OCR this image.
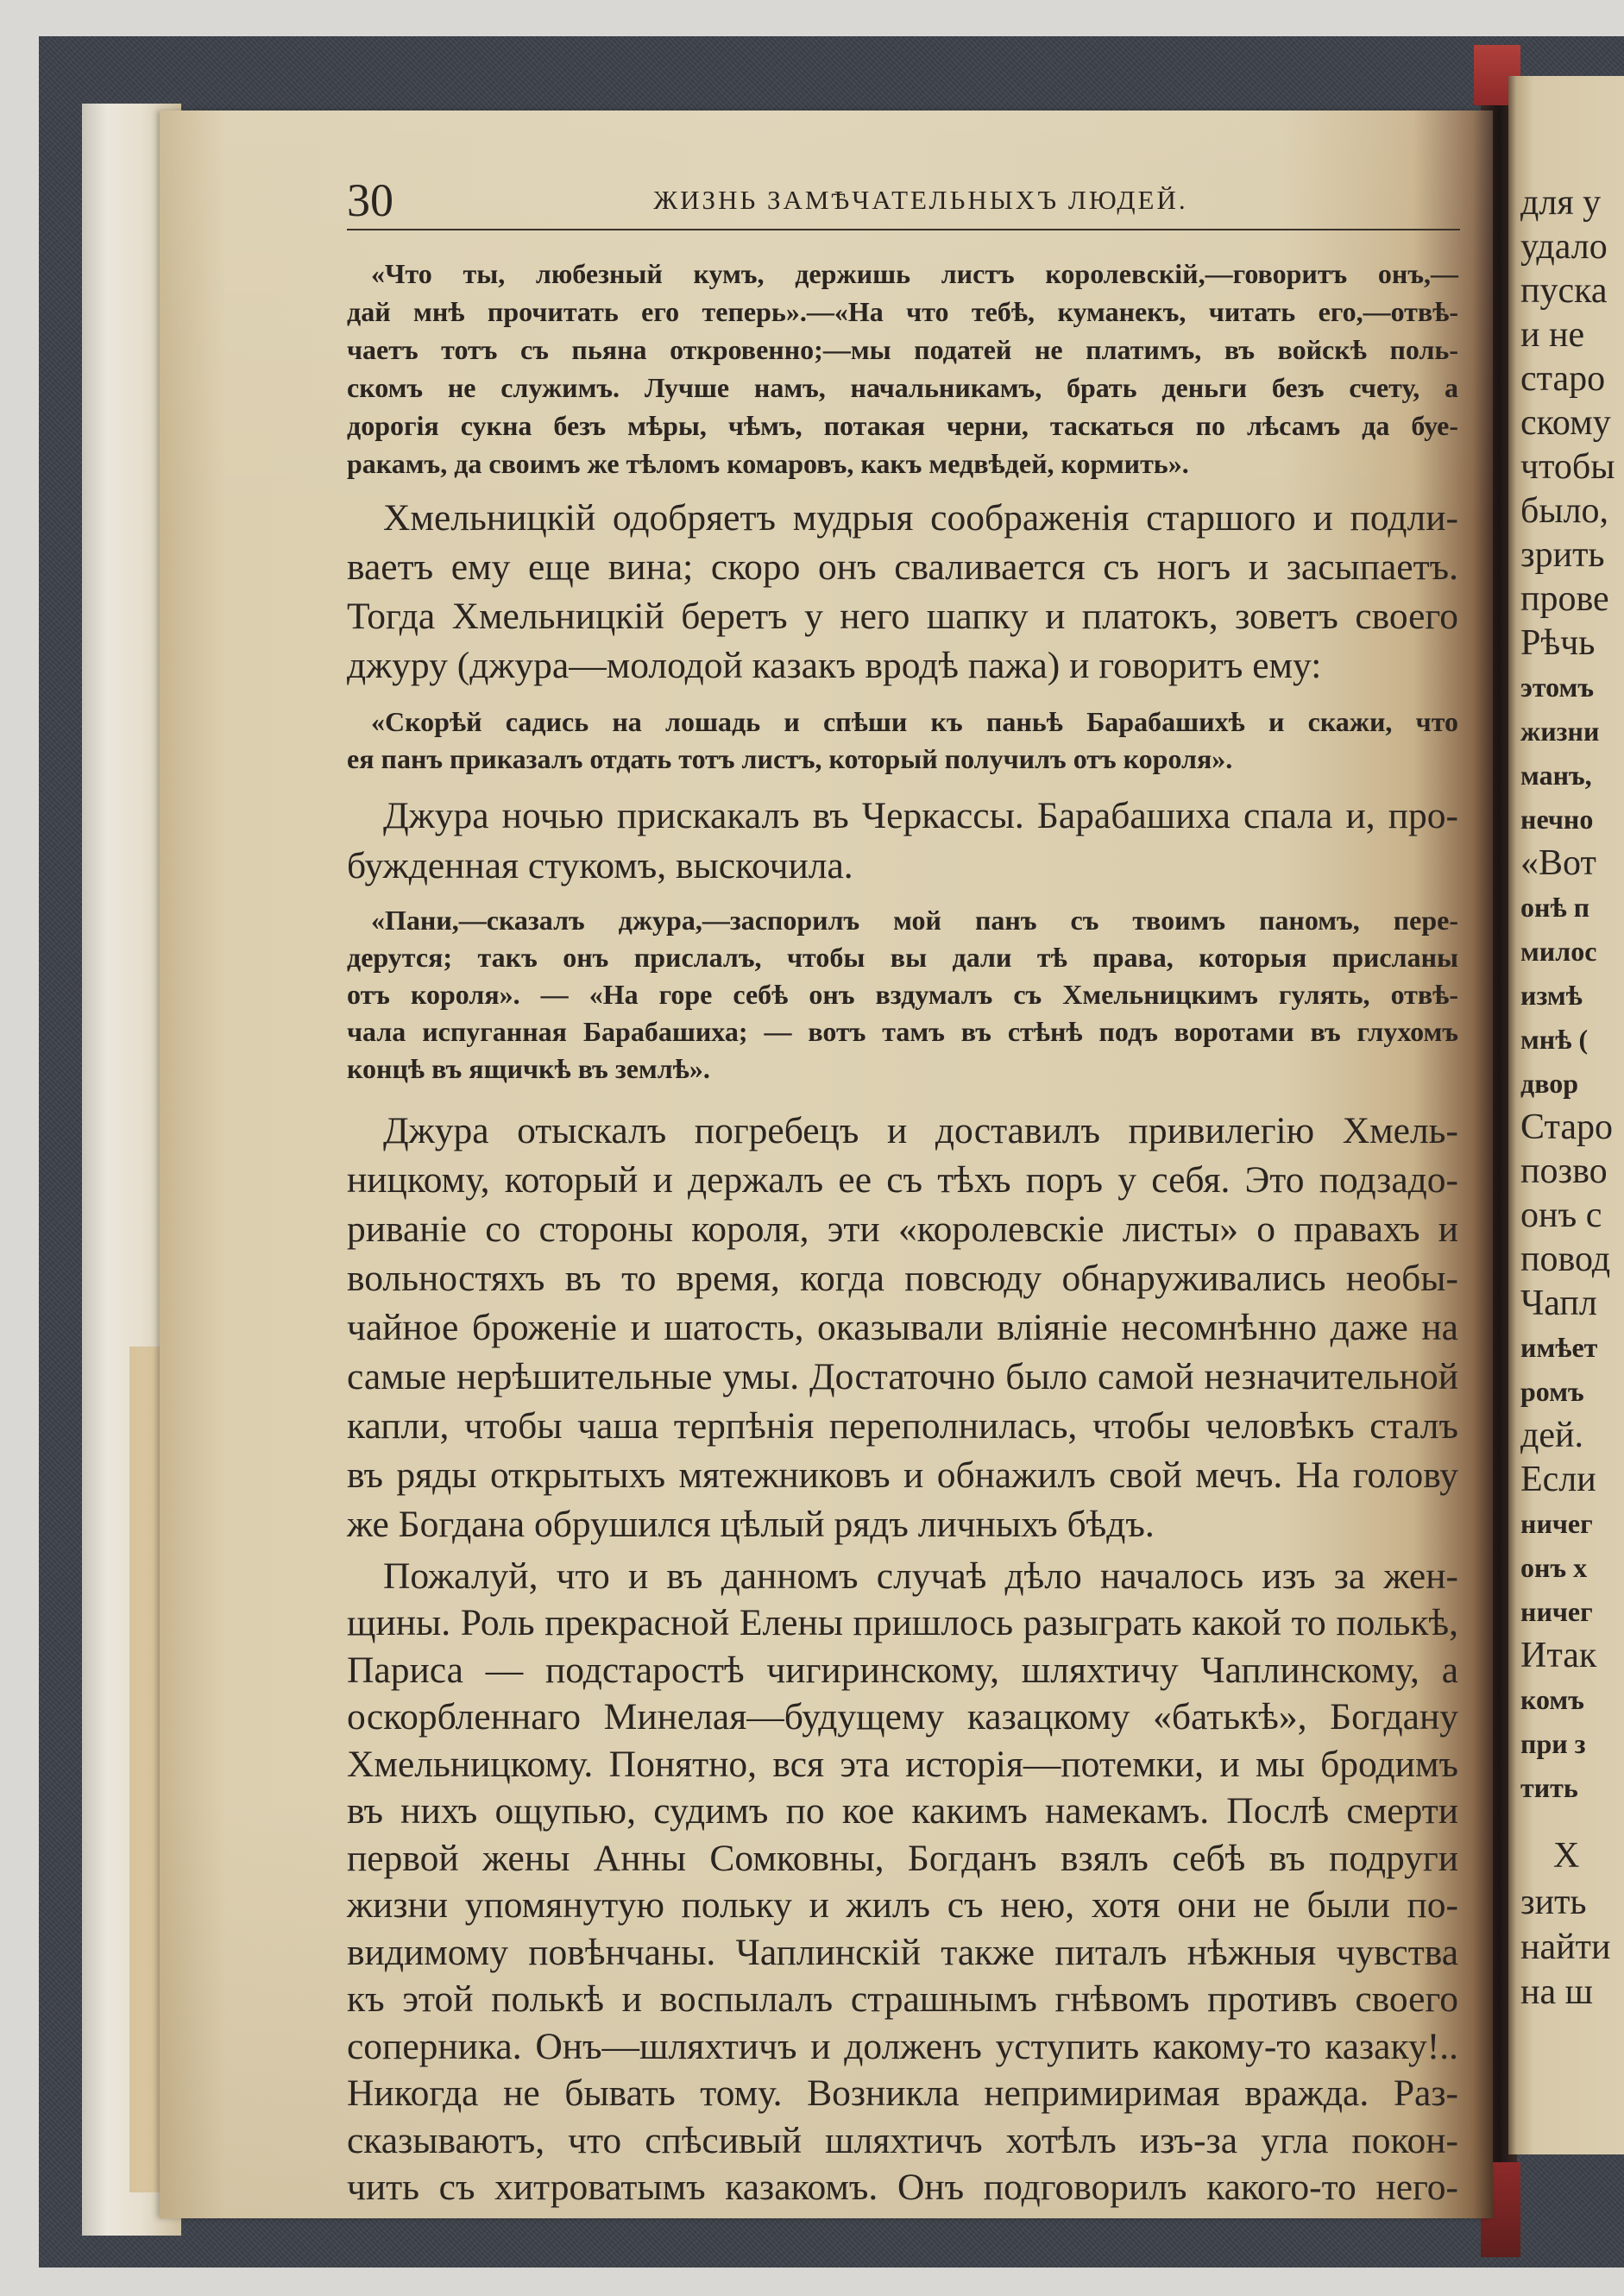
30	ЖИЗНЬ ЗАМѢЧАТЕЛЬНЫХЪ ЛЮДЕЙ.
«Что ты, любезный кумъ, держишь листъ королевскій,—говоритъ онъ,—
дай мнѣ прочитать его теперь».—«На что тебѣ, куманекъ, читать его,—отвѣ-
чаетъ тотъ съ пьяна откровенно;—мы податей не платимъ, въ войскѣ поль-
скомъ не служимъ. Лучше намъ, начальникамъ, брать деньги безъ счету, а
дорогія сукна безъ мѣры, чѣмъ, потакая черни, таскаться по лѣсамъ да буе-
ракамъ, да своимъ же тѣломъ комаровъ, какъ медвѣдей, кормить».
Хмельницкій одобряетъ мудрыя соображенія старшого и подли-
ваетъ ему еще вина; скоро онъ сваливается съ ногъ и засыпаетъ.
Тогда Хмельницкій беретъ у него шапку и платокъ, зоветъ своего
джуру (джура—молодой казакъ вродѣ пажа) и говоритъ ему:
«Скорѣй садись на лошадь и спѣши къ паньѣ Барабашихѣ и скажи, что
ея панъ приказалъ отдать тотъ листъ, который получилъ отъ короля».
Джура ночью прискакалъ въ Черкассы. Барабашиха спала и, про-
бужденная стукомъ, выскочила.
«Пани,—сказалъ джура,—заспорилъ мой панъ съ твоимъ паномъ, пере-
дерутся; такъ онъ прислалъ, чтобы вы дали тѣ права, которыя присланы
отъ короля». — «На горе себѣ онъ вздумалъ съ Хмельницкимъ гулять, отвѣ-
чала испуганная Барабашиха; — вотъ тамъ въ стѣнѣ подъ воротами въ глухомъ
концѣ въ ящичкѣ въ землѣ».
Джура отыскалъ погребецъ и доставилъ привилегію Хмель-
ницкому, который и держалъ ее съ тѣхъ поръ у себя. Это подзадо-
риваніе со стороны короля, эти «королевскіе листы» о правахъ и
вольностяхъ въ то время, когда повсюду обнаруживались необы-
чайное броженіе и шатость, оказывали вліяніе несомнѣнно даже на
самые нерѣшительные умы. Достаточно было самой незначительной
капли, чтобы чаша терпѣнія переполнилась, чтобы человѣкъ сталъ
въ ряды открытыхъ мятежниковъ и обнажилъ свой мечъ. На голову
же Богдана обрушился цѣлый рядъ личныхъ бѣдъ.
Пожалуй, что и въ данномъ случаѣ дѣло началось изъ за жен-
щины. Роль прекрасной Елены пришлось разыграть какой то полькѣ,
Париса — подстаростѣ чигиринскому, шляхтичу Чаплинскому, а
оскорбленнаго Минелая—будущему казацкому «батькѣ», Богдану
Хмельницкому. Понятно, вся эта исторія—потемки, и мы бродимъ
въ нихъ ощупью, судимъ по кое какимъ намекамъ. Послѣ смерти
первой жены Анны Сомковны, Богданъ взялъ себѣ въ подруги
жизни упомянутую польку и жилъ съ нею, хотя они не были по-
видимому повѣнчаны. Чаплинскій также питалъ нѣжныя чувства
къ этой полькѣ и воспылалъ страшнымъ гнѣвомъ противъ своего
соперника. Онъ—шляхтичъ и долженъ уступить какому-то казаку!..
Никогда не бывать тому. Возникла непримиримая вражда. Раз-
сказываютъ, что спѣсивый шляхтичъ хотѣлъ изъ-за угла покон-
чить съ хитроватымъ казакомъ. Онъ подговорилъ какого-то него-
для у
удало
пуска
и не
старо
скому
чтобы
было,
зрить
прове
Рѣчь
этомъ
жизни
манъ,
нечно
«Вот
онѣ п
милос
измѣ
мнѣ (
двор
Старо
позво
онъ с
повод
Чапл
имѣет
ромъ
дей.
Если
ничег
онъ х
ничег
Итак
комъ
при з
тить
Х
зить
найти
на ш
